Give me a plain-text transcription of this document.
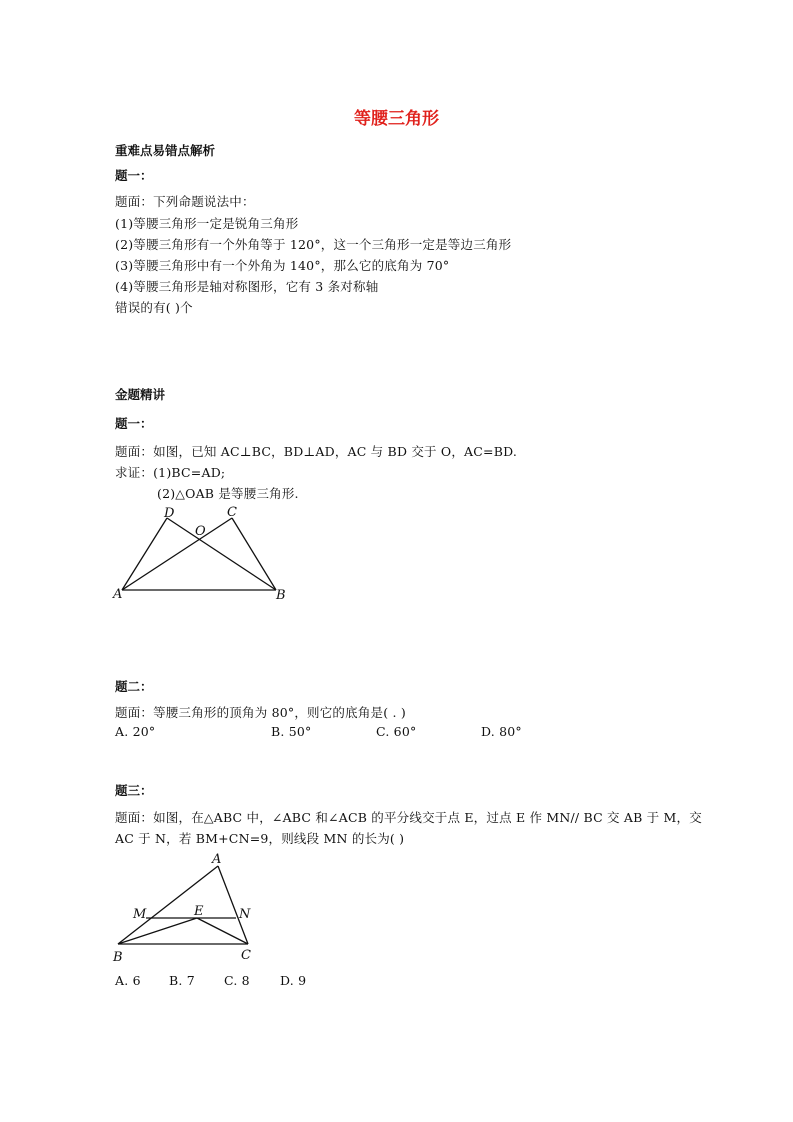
等腰三角形
重难点易错点解析
题一：
题面：下列命题说法中：
(1)等腰三角形一定是锐角三角形
(2)等腰三角形有一个外角等于 120°，这一个三角形一定是等边三角形
(3)等腰三角形中有一个外角为 140°，那么它的底角为 70°
(4)等腰三角形是轴对称图形，它有 3 条对称轴
错误的有( )个
金题精讲
题一：
题面：如图，已知 AC⊥BC，BD⊥AD，AC 与 BD 交于 O，AC=BD.
求证：(1)BC=AD;
(2)△OAB 是等腰三角形.
D	C
O
A	B
A
M	E	N
B	C
题二：
题面：等腰三角形的顶角为 80°，则它的底角是( . )
A. 20°	B. 50°	C. 60°	D. 80°
题三：
题面：如图，在△ABC 中，∠ABC 和∠ACB 的平分线交于点 E，过点 E 作 MN// BC 交 AB 于 M，交
AC 于 N，若 BM+CN=9，则线段 MN 的长为( )
A. 6 B. 7 C. 8 D. 9
